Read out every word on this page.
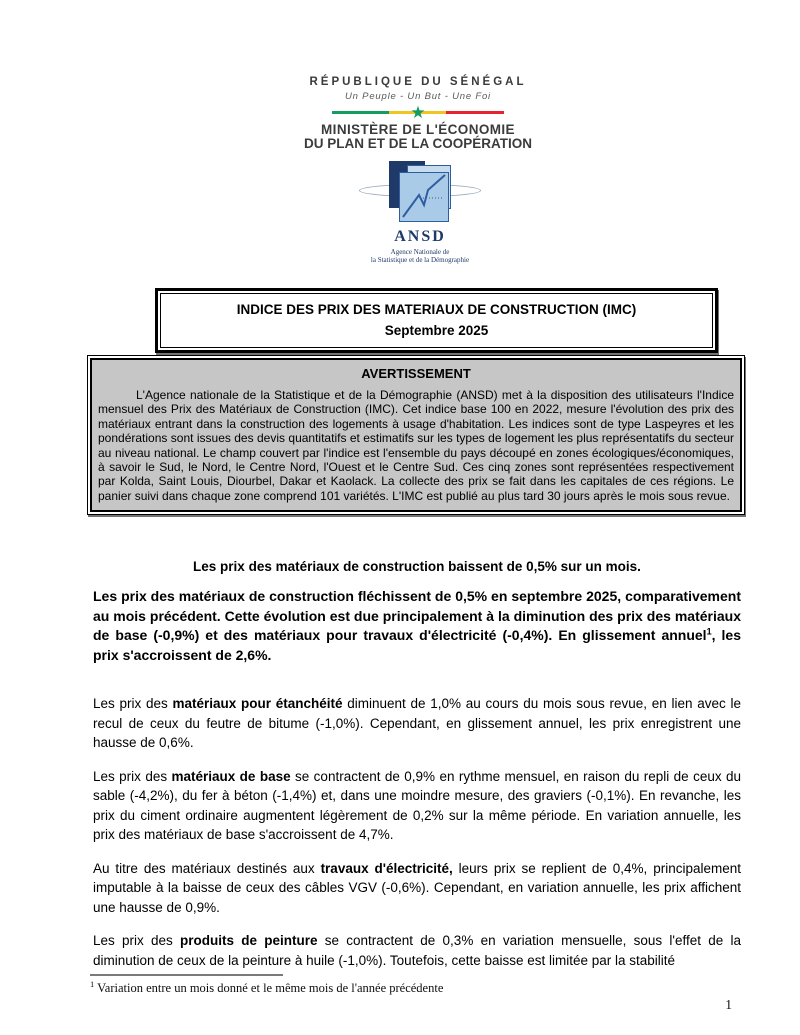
RÉPUBLIQUE DU SÉNÉGAL
Un Peuple - Un But - Une Foi
★
MINISTÈRE DE L'ÉCONOMIE
DU PLAN ET DE LA COOPÉRATION
ANSD
Agence Nationale de
la Statistique et de la Démographie
INDICE DES PRIX DES MATERIAUX DE CONSTRUCTION (IMC)
Septembre 2025
AVERTISSEMENT
L'Agence nationale de la Statistique et de la Démographie (ANSD) met à la disposition des utilisateurs l'Indice mensuel des Prix des Matériaux de Construction (IMC). Cet indice base 100 en 2022, mesure l'évolution des prix des matériaux entrant dans la construction des logements à usage d'habitation. Les indices sont de type Laspeyres et les pondérations sont issues des devis quantitatifs et estimatifs sur les types de logement les plus représentatifs du secteur au niveau national. Le champ couvert par l'indice est l'ensemble du pays découpé en zones écologiques/économiques, à savoir le Sud, le Nord, le Centre Nord, l'Ouest et le Centre Sud. Ces cinq zones sont représentées respectivement par Kolda, Saint Louis, Diourbel, Dakar et Kaolack. La collecte des prix se fait dans les capitales de ces régions. Le panier suivi dans chaque zone comprend 101 variétés. L'IMC est publié au plus tard 30 jours après le mois sous revue.
Les prix des matériaux de construction baissent de 0,5% sur un mois.

Les prix des matériaux de construction fléchissent de 0,5% en septembre 2025, comparativement au mois précédent. Cette évolution est due principalement à la diminution des prix des matériaux de base (-0,9%) et des matériaux pour travaux d'électricité (-0,4%). En glissement annuel$^1$, les prix s'accroissent de 2,6%.

Les prix des matériaux pour étanchéité diminuent de 1,0% au cours du mois sous revue, en lien avec le recul de ceux du feutre de bitume (-1,0%). Cependant, en glissement annuel, les prix enregistrent une hausse de 0,6%.

Les prix des matériaux de base se contractent de 0,9% en rythme mensuel, en raison du repli de ceux du sable (-4,2%), du fer à béton (-1,4%) et, dans une moindre mesure, des graviers (-0,1%). En revanche, les prix du ciment ordinaire augmentent légèrement de 0,2% sur la même période. En variation annuelle, les prix des matériaux de base s'accroissent de 4,7%.

Au titre des matériaux destinés aux travaux d'électricité, leurs prix se replient de 0,4%, principalement imputable à la baisse de ceux des câbles VGV (-0,6%). Cependant, en variation annuelle, les prix affichent une hausse de 0,9%.

Les prix des produits de peinture se contractent de 0,3% en variation mensuelle, sous l'effet de la diminution de ceux de la peinture à huile (-1,0%). Toutefois, cette baisse est limitée par la stabilité

$^1$ Variation entre un mois donné et le même mois de l'année précédente
1
